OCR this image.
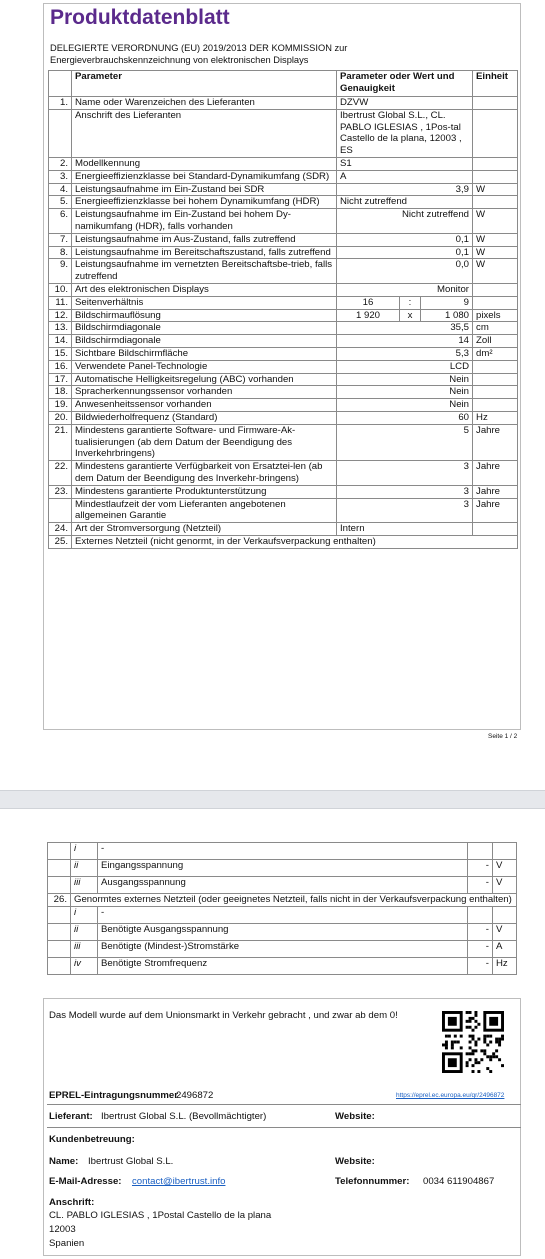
Produktdatenblatt
DELEGIERTE VERORDNUNG (EU) 2019/2013 DER KOMMISSION zur Energieverbrauchskennzeichnung von elektronischen Displays
	Parameter	Parameter oder Wert und Genauigkeit			Einheit
1.	Name oder Warenzeichen des Lieferanten	DZVW			
	Anschrift des Lieferanten	Ibertrust Global S.L., CL. PABLO IGLESIAS , 1Pos-tal Castello de la plana, 12003 , ES			
2.	Modellkennung	S1			
3.	Energieeffizienzklasse bei Standard-Dynamikumfang (SDR)	A			
4.	Leistungsaufnahme im Ein-Zustand bei SDR	3,9			W
5.	Energieeffizienzklasse bei hohem Dynamikumfang (HDR)	Nicht zutreffend			
6.	Leistungsaufnahme im Ein-Zustand bei hohem Dy-namikumfang (HDR), falls vorhanden	Nicht zutreffend			W
7.	Leistungsaufnahme im Aus-Zustand, falls zutreffend	0,1			W
8.	Leistungsaufnahme im Bereitschaftszustand, falls zutreffend	0,1			W
9.	Leistungsaufnahme im vernetzten Bereitschaftsbe-trieb, falls zutreffend	0,0			W
10.	Art des elektronischen Displays	Monitor			
11.	Seitenverhältnis	16	:	9	
12.	Bildschirmauflösung	1 920	x	1 080	pixels
13.	Bildschirmdiagonale	35,5			cm
14.	Bildschirmdiagonale	14			Zoll
15.	Sichtbare Bildschirmfläche	5,3			dm²
16.	Verwendete Panel-Technologie	LCD			
17.	Automatische Helligkeitsregelung (ABC) vorhanden	Nein			
18.	Spracherkennungssensor vorhanden	Nein			
19.	Anwesenheitssensor vorhanden	Nein			
20.	Bildwiederholfrequenz (Standard)	60			Hz
21.	Mindestens garantierte Software- und Firmware-Ak-tualisierungen (ab dem Datum der Beendigung des Inverkehrbringens)	5			Jahre
22.	Mindestens garantierte Verfügbarkeit von Ersatztei-len (ab dem Datum der Beendigung des Inverkehr-bringens)	3			Jahre
23.	Mindestens garantierte Produktunterstützung	3			Jahre
	Mindestlaufzeit der vom Lieferanten angebotenen allgemeinen Garantie	3			Jahre
24.	Art der Stromversorgung (Netzteil)	Intern			
25.	Externes Netzteil (nicht genormt, in der Verkaufsverpackung enthalten)				
Seite 1 / 2
	i	-		
	ii	Eingangsspannung	-	V
	iii	Ausgangsspannung	-	V
26.	Genormtes externes Netzteil (oder geeignetes Netzteil, falls nicht in der Verkaufsverpackung enthalten)			
	i	-		
	ii	Benötigte Ausgangsspannung	-	V
	iii	Benötigte (Mindest-)Stromstärke	-	A
	iv	Benötigte Stromfrequenz	-	Hz
Das Modell wurde auf dem Unionsmarkt in Verkehr gebracht , und zwar ab dem 0!
EPREL-Eintragungsnummer
2496872	https://eprel.ec.europa.eu/qr/2496872
Lieferant: Ibertrust Global S.L. (Bevollmächtigter)	Website:
Kundenbetreuung:
Name: Ibertrust Global S.L.	Website:
E-Mail-Adresse: contact@ibertrust.info	Telefonnummer: 0034 611904867
Anschrift:
CL. PABLO IGLESIAS , 1Postal Castello de la plana
12003
Spanien
